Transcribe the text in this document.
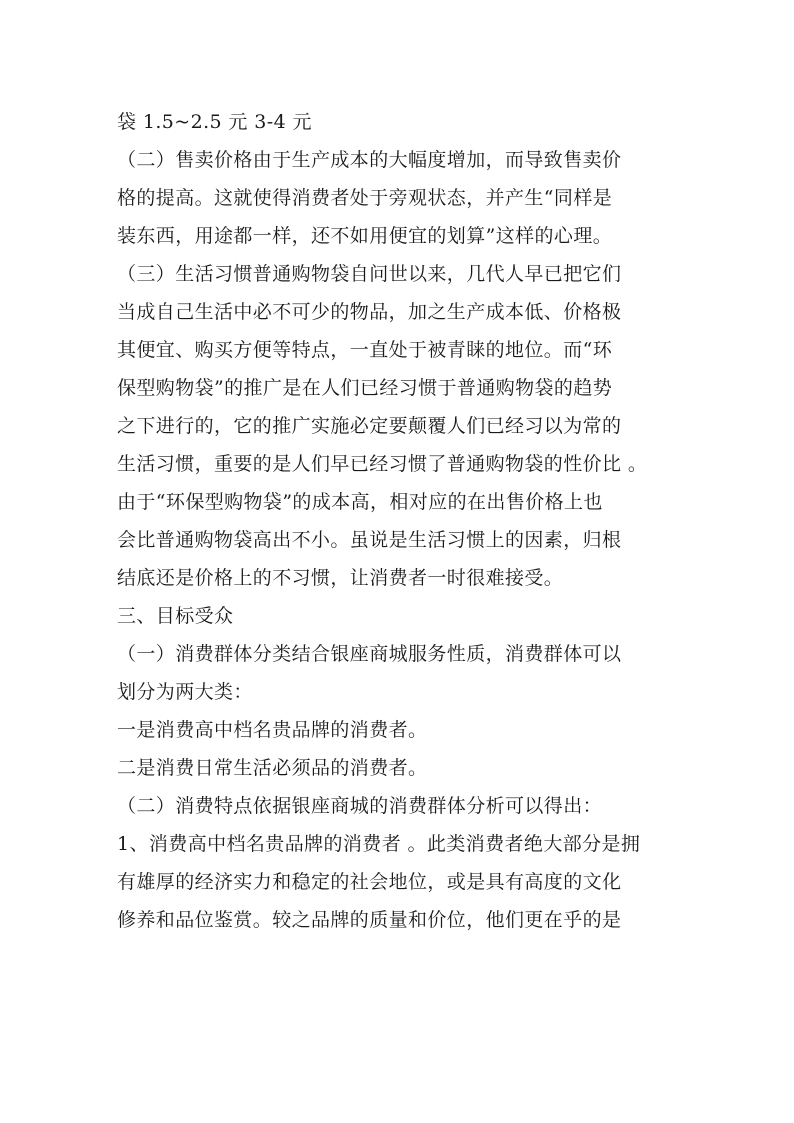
袋 1.5~2.5 元 3-4 元
（二）售卖价格由于生产成本的大幅度增加，而导致售卖价
格的提高。这就使得消费者处于旁观状态，并产生“同样是
装东西，用途都一样，还不如用便宜的划算”这样的心理。
（三）生活习惯普通购物袋自问世以来，几代人早已把它们
当成自己生活中必不可少的物品，加之生产成本低、价格极
其便宜、购买方便等特点，一直处于被青睐的地位。而“环
保型购物袋”的推广是在人们已经习惯于普通购物袋的趋势
之下进行的，它的推广实施必定要颠覆人们已经习以为常的
生活习惯，重要的是人们早已经习惯了普通购物袋的性价比 。
由于“环保型购物袋”的成本高，相对应的在出售价格上也
会比普通购物袋高出不小。虽说是生活习惯上的因素，归根
结底还是价格上的不习惯，让消费者一时很难接受。
三、目标受众
（一）消费群体分类结合银座商城服务性质，消费群体可以
划分为两大类：
一是消费高中档名贵品牌的消费者。
二是消费日常生活必须品的消费者。
（二）消费特点依据银座商城的消费群体分析可以得出：
1、消费高中档名贵品牌的消费者 。此类消费者绝大部分是拥
有雄厚的经济实力和稳定的社会地位，或是具有高度的文化
修养和品位鉴赏。较之品牌的质量和价位，他们更在乎的是
